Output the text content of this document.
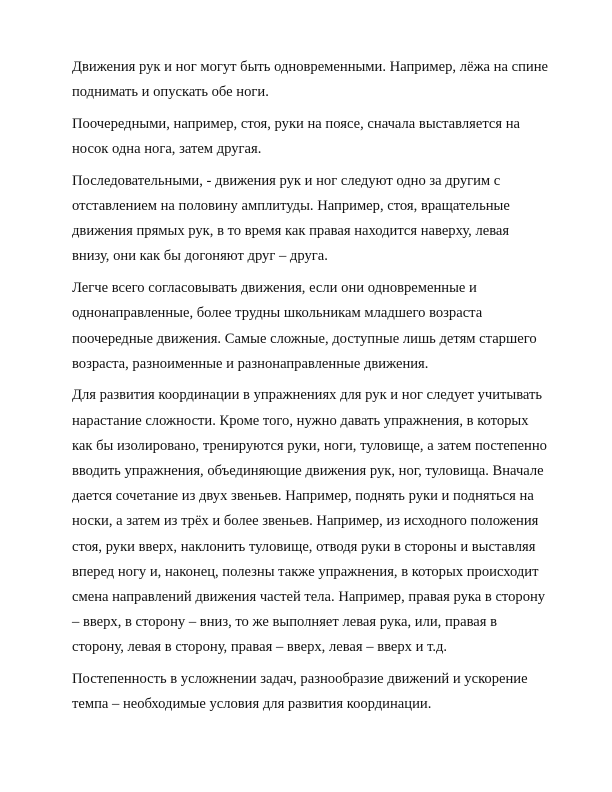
Движения рук и ног могут быть одновременными. Например, лёжа на спине поднимать и опускать обе ноги.

Поочередными, например, стоя, руки на поясе, сначала выставляется на носок одна нога, затем другая.

Последовательными, - движения рук и ног следуют одно за другим с отставлением на половину амплитуды. Например, стоя, вращательные движения прямых рук, в то время как правая находится наверху, левая внизу, они как бы догоняют друг – друга.

Легче всего согласовывать движения, если они одновременные и однонаправленные, более трудны школьникам младшего возраста поочередные движения. Самые сложные, доступные лишь детям старшего возраста, разноименные и разнонаправленные движения.

Для развития координации в упражнениях для рук и ног следует учитывать нарастание сложности. Кроме того, нужно давать упражнения, в которых как бы изолировано, тренируются руки, ноги, туловище, а затем постепенно вводить упражнения, объединяющие движения рук, ног, туловища. Вначале дается сочетание из двух звеньев. Например, поднять руки и подняться на носки, а затем из трёх и более звеньев. Например, из исходного положения стоя, руки вверх, наклонить туловище, отводя руки в стороны и выставляя вперед ногу и, наконец, полезны также упражнения, в которых происходит смена направлений движения частей тела. Например, правая рука в сторону – вверх, в сторону – вниз, то же выполняет левая рука, или, правая в сторону, левая в сторону, правая – вверх, левая – вверх и т.д.

Постепенность в усложнении задач, разнообразие движений и ускорение темпа – необходимые условия для развития координации.
